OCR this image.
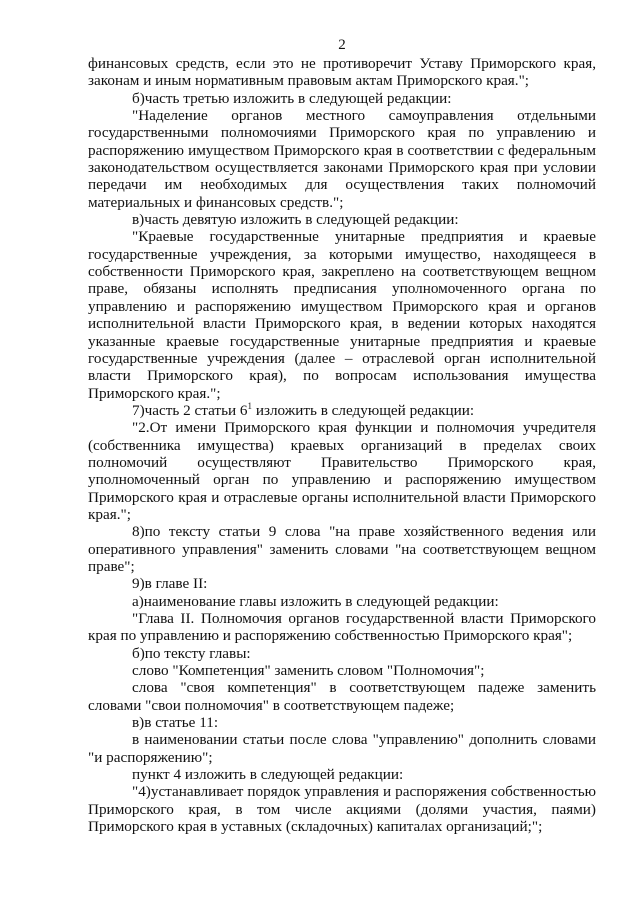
2

финансовых средств, если это не противоречит Уставу Приморского края, законам и иным нормативным правовым актам Приморского края.";

б)часть третью изложить в следующей редакции:

"Наделение органов местного самоуправления отдельными государственными полномочиями Приморского края по управлению и распоряжению имуществом Приморского края в соответствии с федеральным законодательством осуществляется законами Приморского края при условии передачи им необходимых для осуществления таких полномочий материальных и финансовых средств.";

в)часть девятую изложить в следующей редакции:

"Краевые государственные унитарные предприятия и краевые государственные учреждения, за которыми имущество, находящееся в собственности Приморского края, закреплено на соответствующем вещном праве, обязаны исполнять предписания уполномоченного органа по управлению и распоряжению имуществом Приморского края и органов исполнительной власти Приморского края, в ведении которых находятся указанные краевые государственные унитарные предприятия и краевые государственные учреждения (далее – отраслевой орган исполнительной власти Приморского края), по вопросам использования имущества Приморского края.";

7)часть 2 статьи $6^1$ изложить в следующей редакции:

"2.От имени Приморского края функции и полномочия учредителя (собственника имущества) краевых организаций в пределах своих полномочий осуществляют Правительство Приморского края, уполномоченный орган по управлению и распоряжению имуществом Приморского края и отраслевые органы исполнительной власти Приморского края.";

8)по тексту статьи 9 слова "на праве хозяйственного ведения или оперативного управления" заменить словами "на соответствующем вещном праве";

9)в главе II:

а)наименование главы изложить в следующей редакции:

"Глава II. Полномочия органов государственной власти Приморского края по управлению и распоряжению собственностью Приморского края";

б)по тексту главы:

слово "Компетенция" заменить словом "Полномочия";

слова "своя компетенция" в соответствующем падеже заменить словами "свои полномочия" в соответствующем падеже;

в)в статье 11:

в наименовании статьи после слова "управлению" дополнить словами "и распоряжению";

пункт 4 изложить в следующей редакции:

"4)устанавливает порядок управления и распоряжения собственностью Приморского края, в том числе акциями (долями участия, паями) Приморского края в уставных (складочных) капиталах организаций;";
